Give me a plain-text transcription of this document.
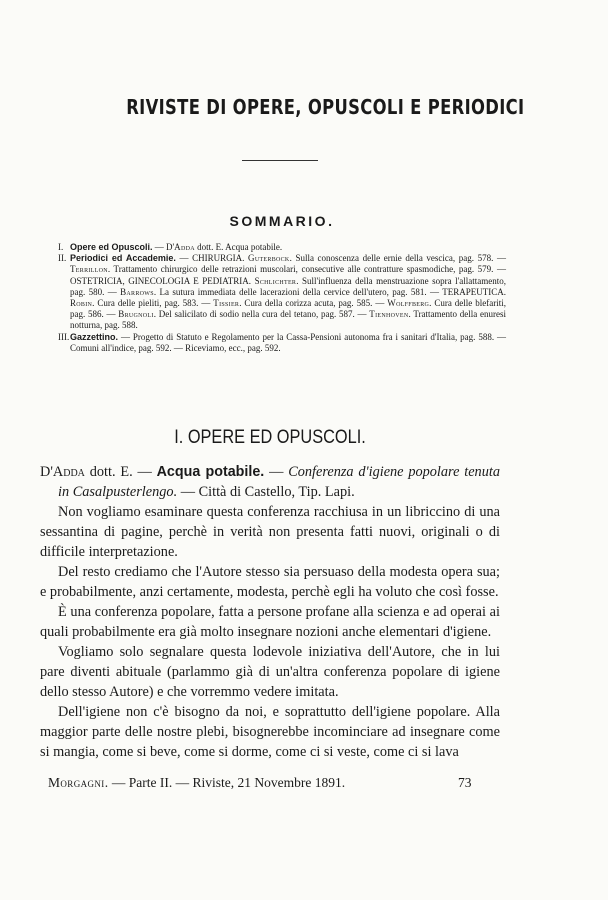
RIVISTE DI OPERE, OPUSCOLI E PERIODICI
SOMMARIO.

I. Opere ed Opuscoli. — D'Adda dott. E. Acqua potabile.

II. Periodici ed Accademie. — CHIRURGIA. Guterbock. Sulla conoscenza delle ernie della vescica, pag. 578. — Terrillon. Trattamento chirurgico delle retrazioni muscolari, consecutive alle contratture spasmodiche, pag. 579. — OSTETRICIA, GINECOLOGIA E PEDIATRIA. Schlichter. Sull'influenza della menstruazione sopra l'allattamento, pag. 580. — Barrows. La sutura immediata delle lacerazioni della cervice dell'utero, pag. 581. — TERAPEUTICA. Robin. Cura delle pieliti, pag. 583. — Tissier. Cura della corizza acuta, pag. 585. — Wolffberg. Cura delle blefariti, pag. 586. — Brugnoli. Del salicilato di sodio nella cura del tetano, pag. 587. — Tienhoven. Trattamento della enuresi notturna, pag. 588.

III. Gazzettino. — Progetto di Statuto e Regolamento per la Cassa-Pensioni autonoma fra i sanitari d'Italia, pag. 588. — Comuni all'indice, pag. 592. — Riceviamo, ecc., pag. 592.

I. OPERE ED OPUSCOLI.

D'Adda dott. E. — Acqua potabile. — Conferenza d'igiene popolare tenuta in Casalpusterlengo. — Città di Castello, Tip. Lapi.

Non vogliamo esaminare questa conferenza racchiusa in un libriccino di una sessantina di pagine, perchè in verità non presenta fatti nuovi, originali o di difficile interpretazione.

Del resto crediamo che l'Autore stesso sia persuaso della modesta opera sua; e probabilmente, anzi certamente, modesta, perchè egli ha voluto che così fosse.

È una conferenza popolare, fatta a persone profane alla scienza e ad operai ai quali probabilmente era già molto insegnare nozioni anche elementari d'igiene.

Vogliamo solo segnalare questa lodevole iniziativa dell'Autore, che in lui pare diventi abituale (parlammo già di un'altra conferenza popolare di igiene dello stesso Autore) e che vorremmo vedere imitata.

Dell'igiene non c'è bisogno da noi, e soprattutto dell'igiene popolare. Alla maggior parte delle nostre plebi, bisognerebbe incominciare ad insegnare come si mangia, come si beve, come si dorme, come ci si veste, come ci si lava

Morgagni. — Parte II. — Riviste, 21 Novembre 1891.	73
